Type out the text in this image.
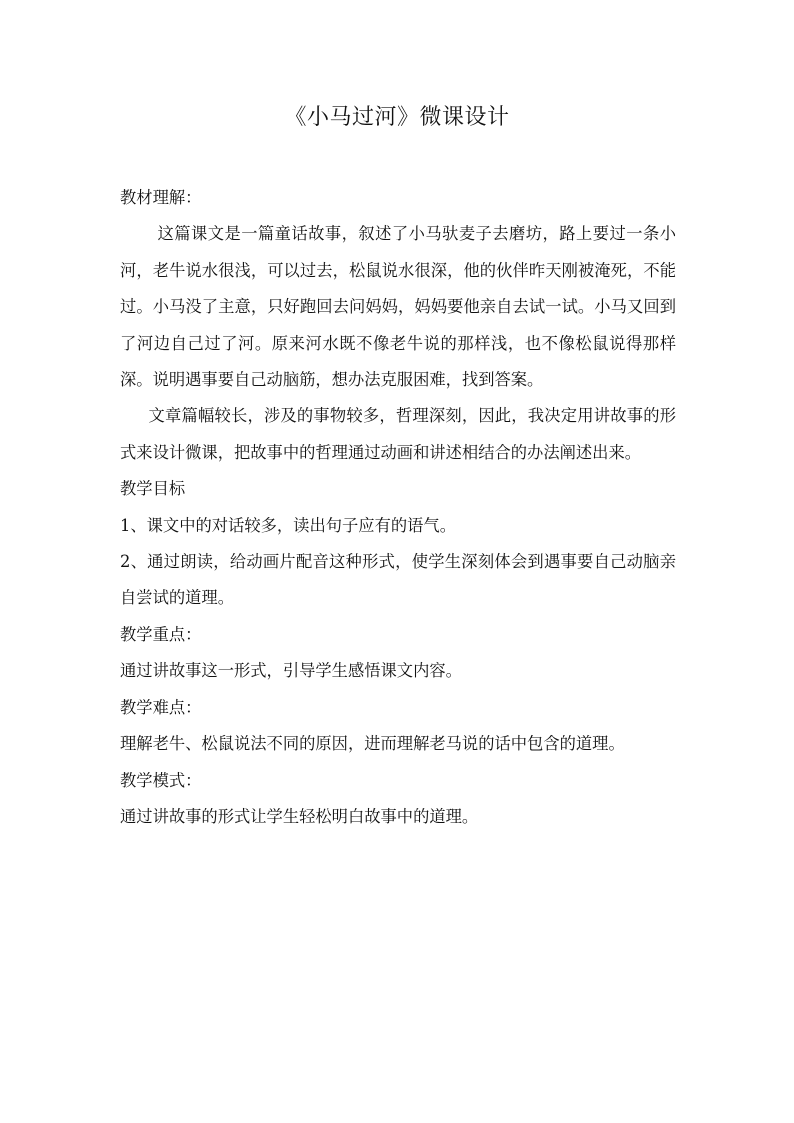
《小马过河》微课设计

教材理解：

这篇课文是一篇童话故事，叙述了小马驮麦子去磨坊，路上要过一条小河，老牛说水很浅，可以过去，松鼠说水很深，他的伙伴昨天刚被淹死，不能过。小马没了主意，只好跑回去问妈妈，妈妈要他亲自去试一试。小马又回到了河边自己过了河。原来河水既不像老牛说的那样浅，也不像松鼠说得那样深。说明遇事要自己动脑筋，想办法克服困难，找到答案。

文章篇幅较长，涉及的事物较多，哲理深刻，因此，我决定用讲故事的形式来设计微课，把故事中的哲理通过动画和讲述相结合的办法阐述出来。

教学目标

1、课文中的对话较多，读出句子应有的语气。

2、通过朗读，给动画片配音这种形式，使学生深刻体会到遇事要自己动脑亲自尝试的道理。

教学重点：

通过讲故事这一形式，引导学生感悟课文内容。

教学难点：

理解老牛、松鼠说法不同的原因，进而理解老马说的话中包含的道理。

教学模式：

通过讲故事的形式让学生轻松明白故事中的道理。
